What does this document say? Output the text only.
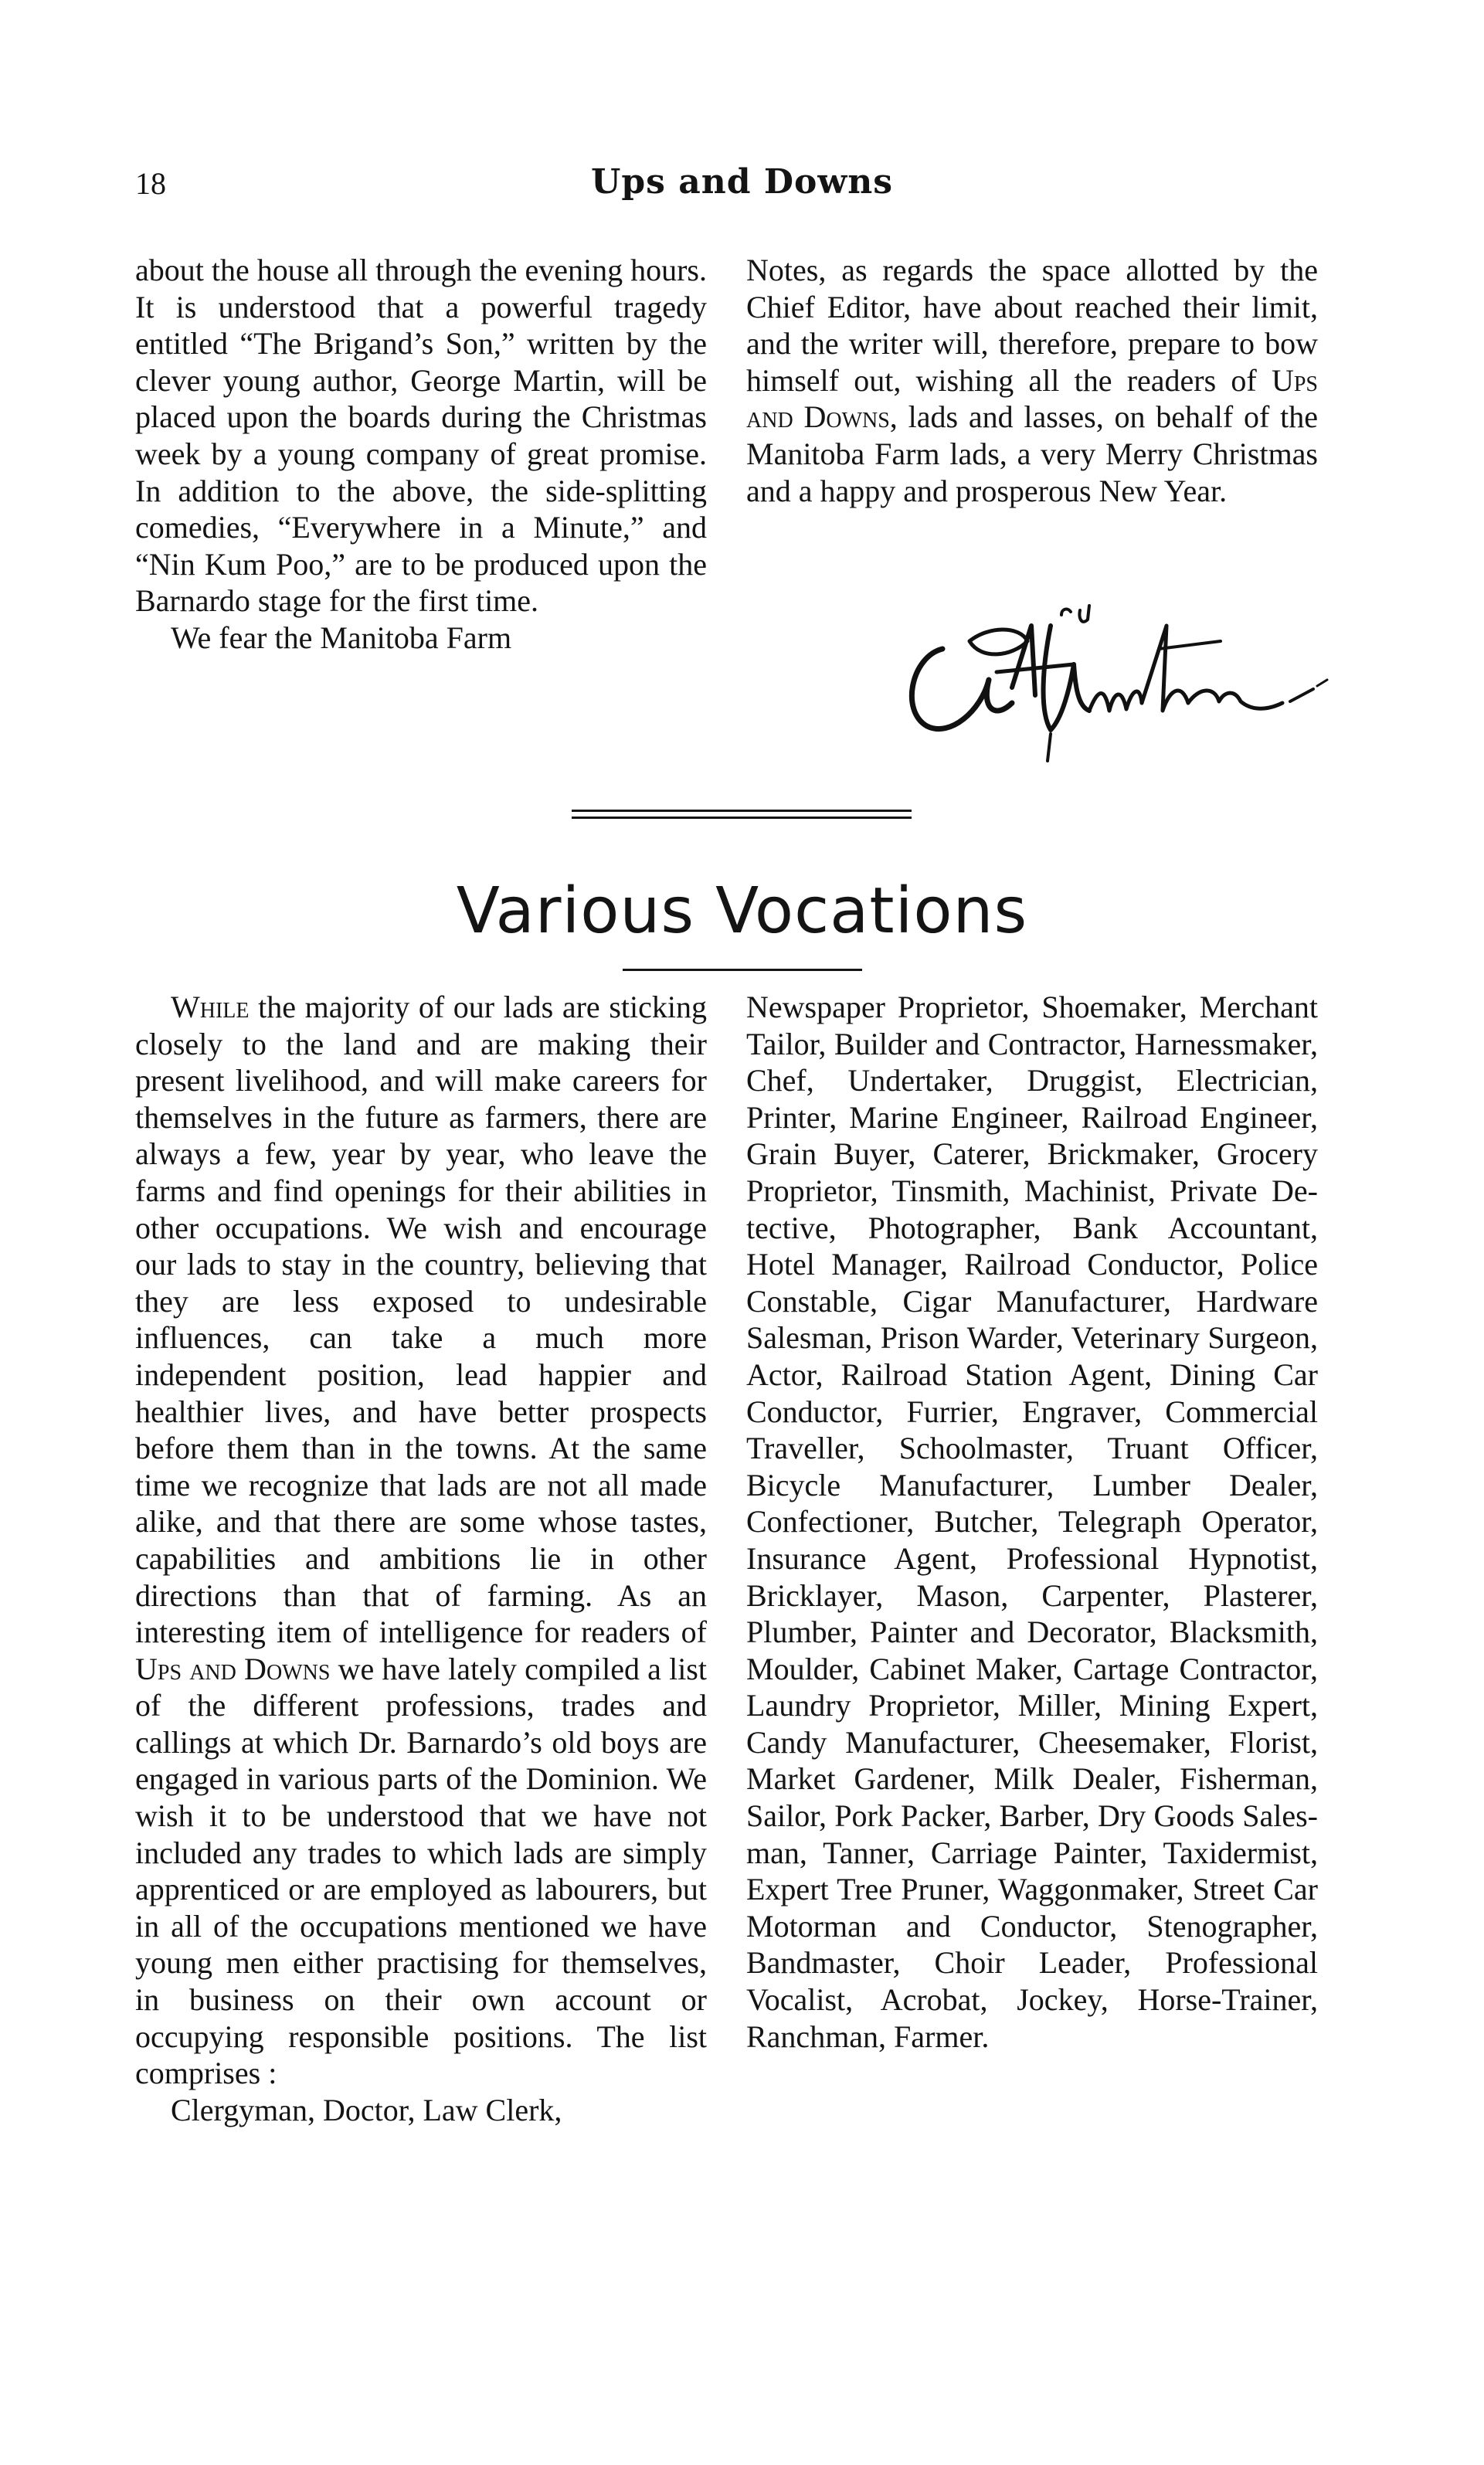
18	Ups and Downs

about the house all through the evening hours. It is understood that a powerful tragedy entitled “The Brigand’s Son,” written by the clever young author, George Martin, will be placed upon the boards during the Christmas week by a young company of great promise. In addition to the above, the side-splitting comedies, “Everywhere in a Minute,” and “Nin Kum Poo,” are to be produced upon the Barnardo stage for the first time.

We fear the Manitoba Farm

Notes, as regards the space allotted by the Chief Editor, have about reached their limit, and the writer will, therefore, prepare to bow himself out, wishing all the readers of Ups and Downs, lads and lasses, on behalf of the Manitoba Farm lads, a very Merry Christmas and a happy and prosperous New Year.

Various Vocations

While the majority of our lads are sticking closely to the land and are making their present livelihood, and will make careers for themselves in the future as farmers, there are always a few, year by year, who leave the farms and find openings for their abilities in other occupations. We wish and encourage our lads to stay in the country, believing that they are less exposed to undesirable influences, can take a much more independent position, lead happier and healthier lives, and have better prospects before them than in the towns. At the same time we recognize that lads are not all made alike, and that there are some whose tastes, capabilities and ambitions lie in other directions than that of farming. As an interesting item of intelligence for readers of Ups and Downs we have lately compiled a list of the different professions, trades and callings at which Dr. Barnardo’s old boys are engaged in various parts of the Dominion. We wish it to be understood that we have not included any trades to which lads are simply apprenticed or are employed as labourers, but in all of the occupations mentioned we have young men either practising for themselves, in business on their own account or occupying responsible positions. The list comprises :

Clergyman, Doctor, Law Clerk,

Newspaper Proprietor, Shoemaker, Merchant Tailor, Builder and Contractor, Harnessmaker, Chef, Undertaker, Druggist, Electrician, Printer, Marine Engineer, Railroad Engineer, Grain Buyer, Caterer, Brickmaker, Grocery Proprietor, Tinsmith, Machinist, Private Detective, Photographer, Bank Accountant, Hotel Manager, Railroad Conductor, Police Constable, Cigar Manufacturer, Hardware Salesman, Prison Warder, Veterinary Surgeon, Actor, Railroad Station Agent, Dining Car Conductor, Furrier, Engraver, Commercial Traveller, Schoolmaster, Truant Officer, Bicycle Manufacturer, Lumber Dealer, Confectioner, Butcher, Telegraph Operator, Insurance Agent, Professional Hypnotist, Bricklayer, Mason, Carpenter, Plasterer, Plumber, Painter and Decorator, Blacksmith, Moulder, Cabinet Maker, Cartage Contractor, Laundry Proprietor, Miller, Mining Expert, Candy Manufacturer, Cheesemaker, Florist, Market Gardener, Milk Dealer, Fisherman, Sailor, Pork Packer, Barber, Dry Goods Salesman, Tanner, Carriage Painter, Taxidermist, Expert Tree Pruner, Waggonmaker, Street Car Motorman and Conductor, Stenographer, Bandmaster, Choir Leader, Professional Vocalist, Acrobat, Jockey, Horse-Trainer, Ranchman, Farmer.
